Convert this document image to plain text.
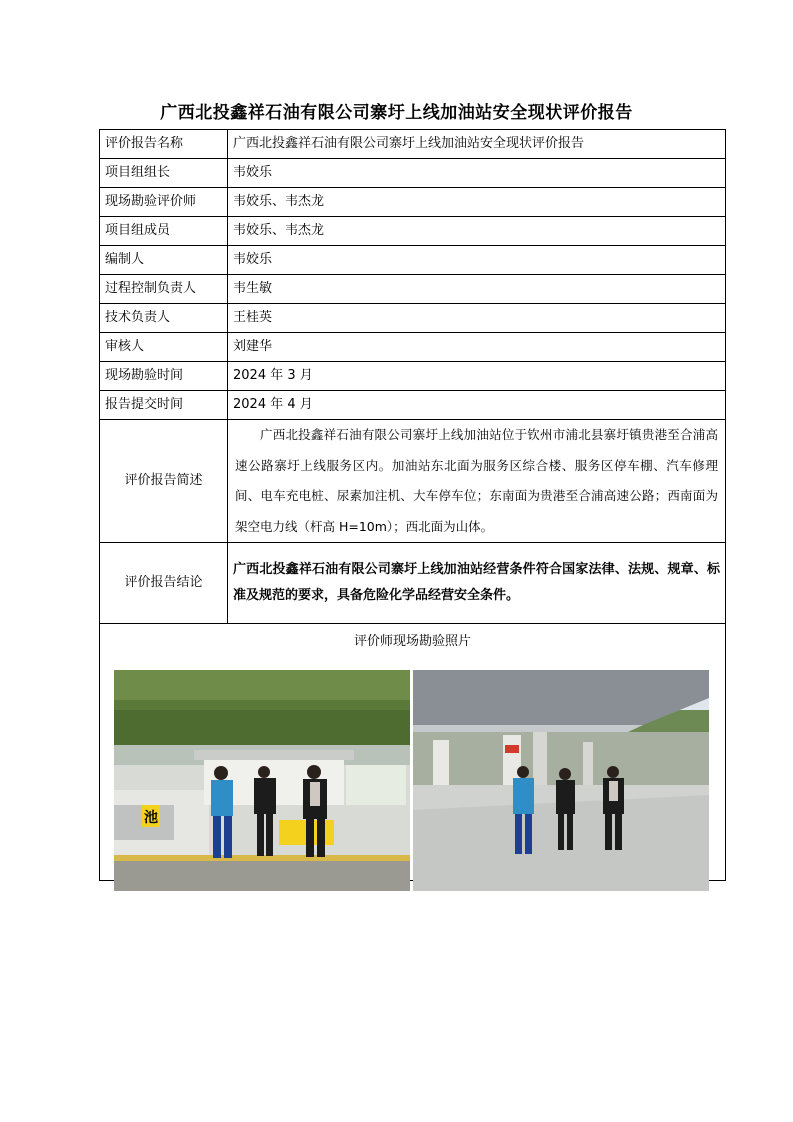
广西北投鑫祥石油有限公司寨圩上线加油站安全现状评价报告
评价报告名称	广西北投鑫祥石油有限公司寨圩上线加油站安全现状评价报告
项目组组长	韦姣乐
现场勘验评价师	韦姣乐、韦杰龙
项目组成员	韦姣乐、韦杰龙
编制人	韦姣乐
过程控制负责人	韦生敏
技术负责人	王桂英
审核人	刘建华
现场勘验时间	2024 年 3 月
报告提交时间	2024 年 4 月
评价报告简述	广西北投鑫祥石油有限公司寨圩上线加油站位于钦州市浦北县寨圩镇贵港至合浦高速公路寨圩上线服务区内。加油站东北面为服务区综合楼、服务区停车棚、汽车修理间、电车充电桩、尿素加注机、大车停车位；东南面为贵港至合浦高速公路；西南面为架空电力线（杆高 H=10m）；西北面为山体。

评价报告结论	广西北投鑫祥石油有限公司寨圩上线加油站经营条件符合国家法律、法规、规章、标准及规范的要求，具备危险化学品经营安全条件。

评价师现场勘验照片
池	
